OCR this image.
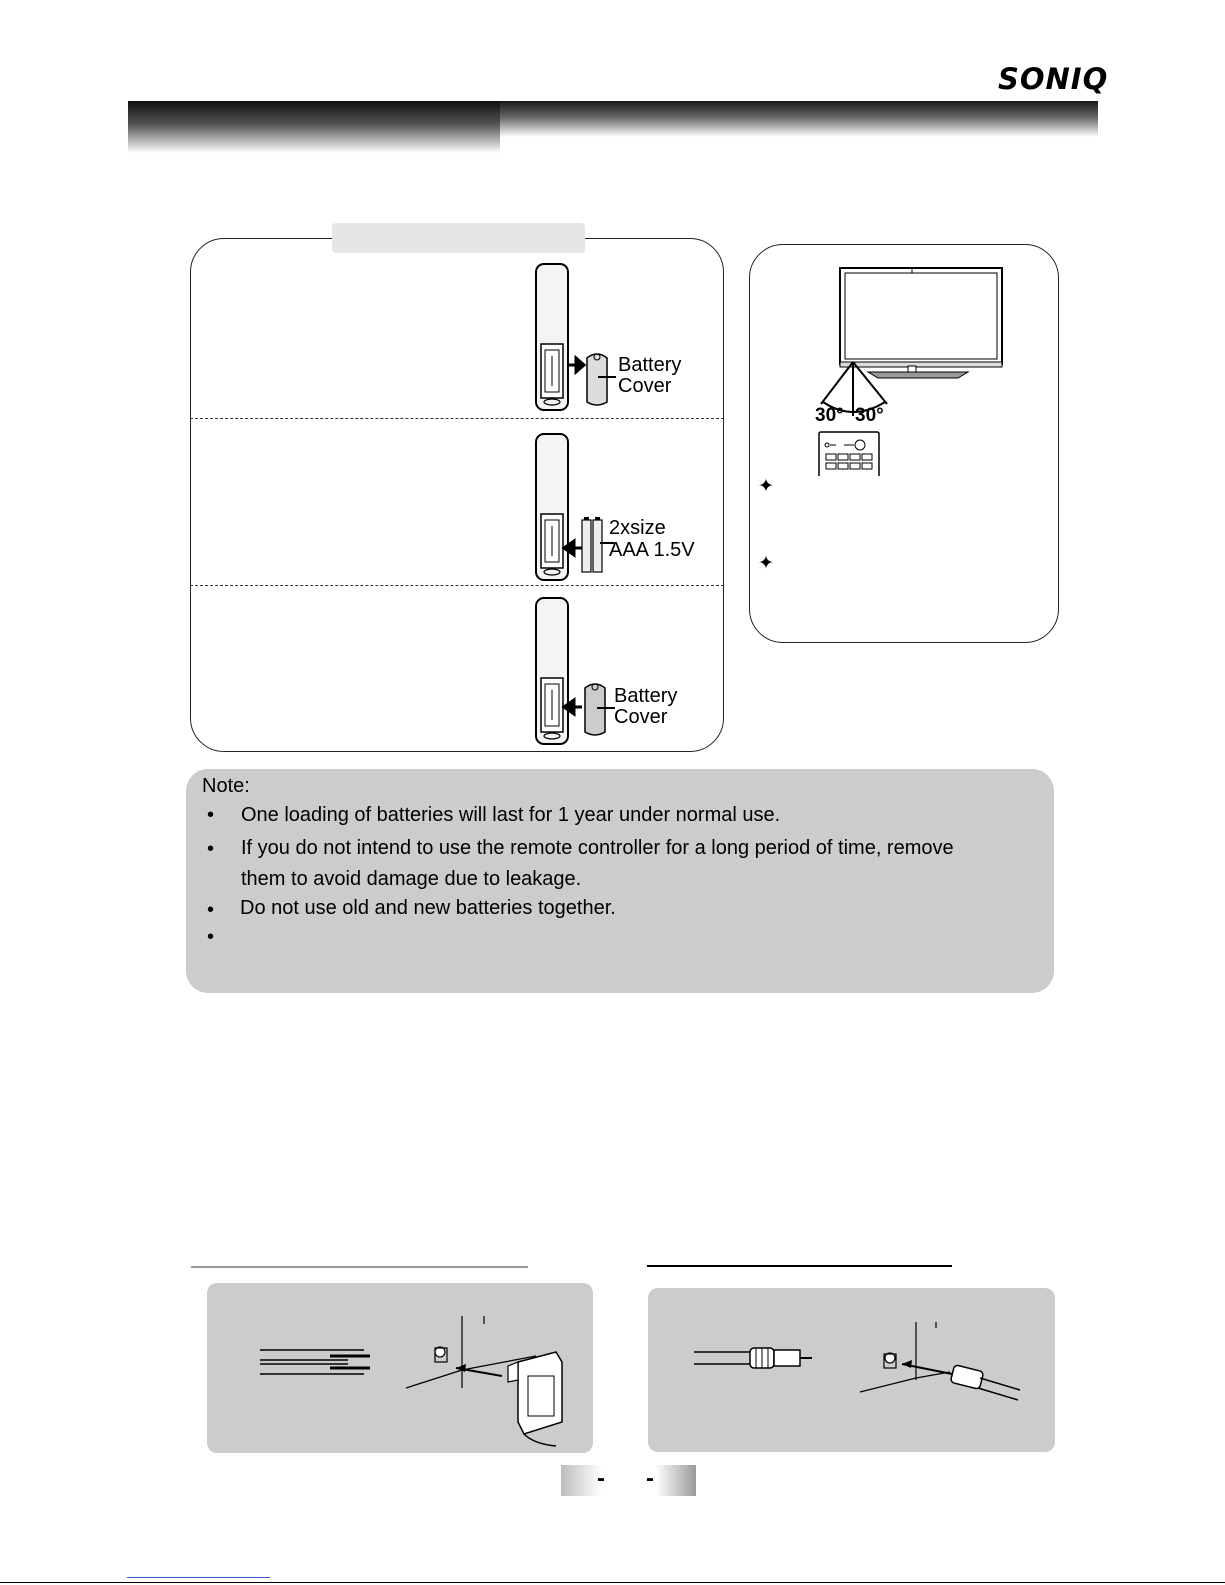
SONIQ
Battery
Cover
2xsize
AAA 1.5V
Battery
Cover
30° 30°
✦
✦
Note:
• One loading of batteries will last for 1 year under normal use.
• If you do not intend to use the remote controller for a long period of time, remove
them to avoid damage due to leakage.
• Do not use old and new batteries together.
•
- -
